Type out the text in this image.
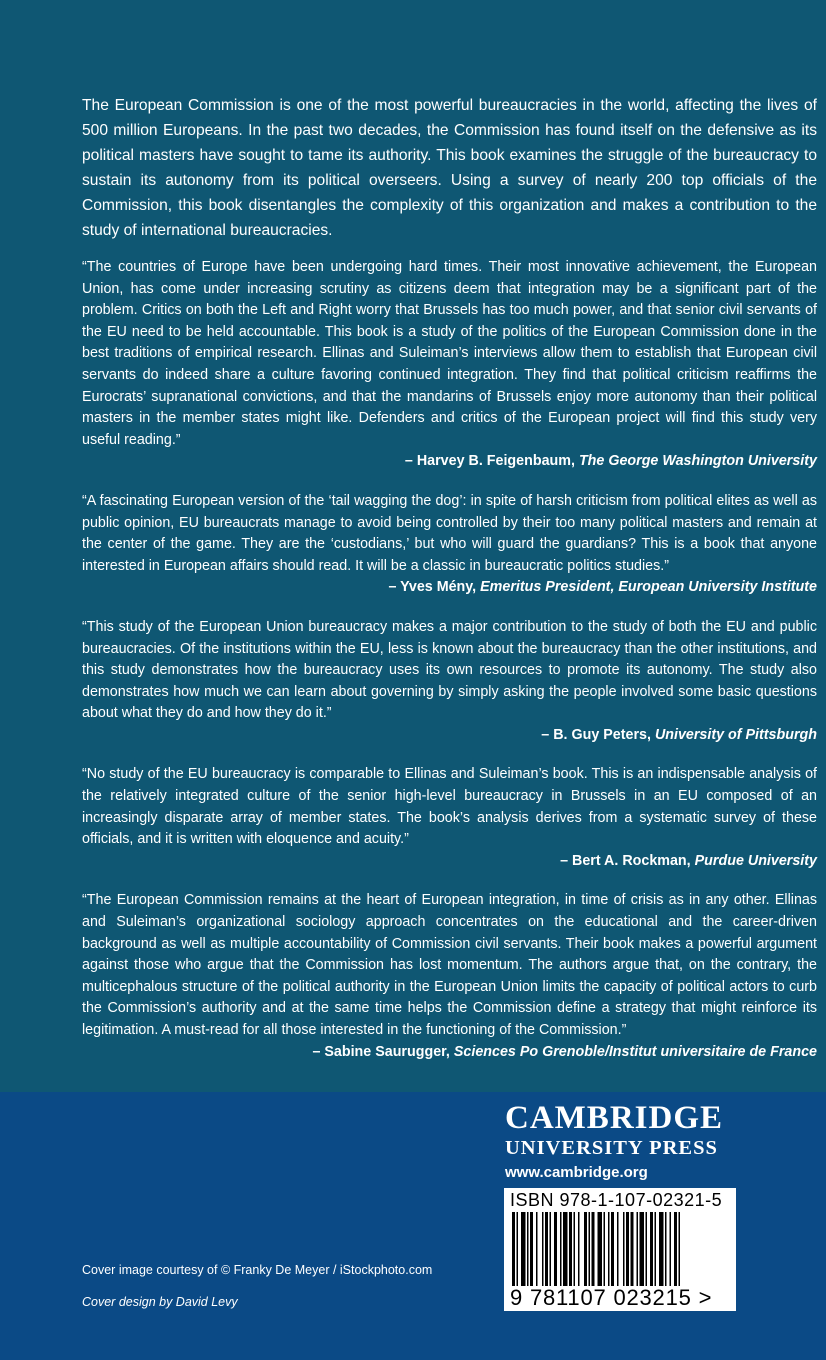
The European Commission is one of the most powerful bureaucracies in the world, affecting the lives of 500 million Europeans. In the past two decades, the Commission has found itself on the defensive as its political masters have sought to tame its authority. This book examines the struggle of the bureaucracy to sustain its autonomy from its political overseers. Using a survey of nearly 200 top officials of the Commission, this book disentangles the complexity of this organization and makes a contribution to the study of international bureaucracies.

“The countries of Europe have been undergoing hard times. Their most innovative achievement, the European Union, has come under increasing scrutiny as citizens deem that integration may be a significant part of the problem. Critics on both the Left and Right worry that Brussels has too much power, and that senior civil servants of the EU need to be held accountable. This book is a study of the politics of the European Commission done in the best traditions of empirical research. Ellinas and Suleiman’s interviews allow them to establish that European civil servants do indeed share a culture favoring continued integration. They find that political criticism reaffirms the Eurocrats’ supranational convictions, and that the mandarins of Brussels enjoy more autonomy than their political masters in the member states might like. Defenders and critics of the European project will find this study very useful reading.”

– Harvey B. Feigenbaum, The George Washington University

“A fascinating European version of the ‘tail wagging the dog’: in spite of harsh criticism from political elites as well as public opinion, EU bureaucrats manage to avoid being controlled by their too many political masters and remain at the center of the game. They are the ‘custodians,’ but who will guard the guardians? This is a book that anyone interested in European affairs should read. It will be a classic in bureaucratic politics studies.”

– Yves Mény, Emeritus President, European University Institute

“This study of the European Union bureaucracy makes a major contribution to the study of both the EU and public bureaucracies. Of the institutions within the EU, less is known about the bureaucracy than the other institutions, and this study demonstrates how the bureaucracy uses its own resources to promote its autonomy. The study also demonstrates how much we can learn about governing by simply asking the people involved some basic questions about what they do and how they do it.”

– B. Guy Peters, University of Pittsburgh

“No study of the EU bureaucracy is comparable to Ellinas and Suleiman’s book. This is an indispensable analysis of the relatively integrated culture of the senior high-level bureaucracy in Brussels in an EU composed of an increasingly disparate array of member states. The book’s analysis derives from a systematic survey of these officials, and it is written with eloquence and acuity.”

– Bert A. Rockman, Purdue University

“The European Commission remains at the heart of European integration, in time of crisis as in any other. Ellinas and Suleiman’s organizational sociology approach concentrates on the educational and the career-driven background as well as multiple accountability of Commission civil servants. Their book makes a powerful argument against those who argue that the Commission has lost momentum. The authors argue that, on the contrary, the multicephalous structure of the political authority in the European Union limits the capacity of political actors to curb the Commission’s authority and at the same time helps the Commission define a strategy that might reinforce its legitimation. A must-read for all those interested in the functioning of the Commission.”

– Sabine Saurugger, Sciences Po Grenoble/Institut universitaire de France

Cover image courtesy of © Franky De Meyer / iStockphoto.com

Cover design by David Levy

CAMBRIDGE

UNIVERSITY PRESS

www.cambridge.org
ISBN 978-1-107-02321-5
9 781107 023215 >
